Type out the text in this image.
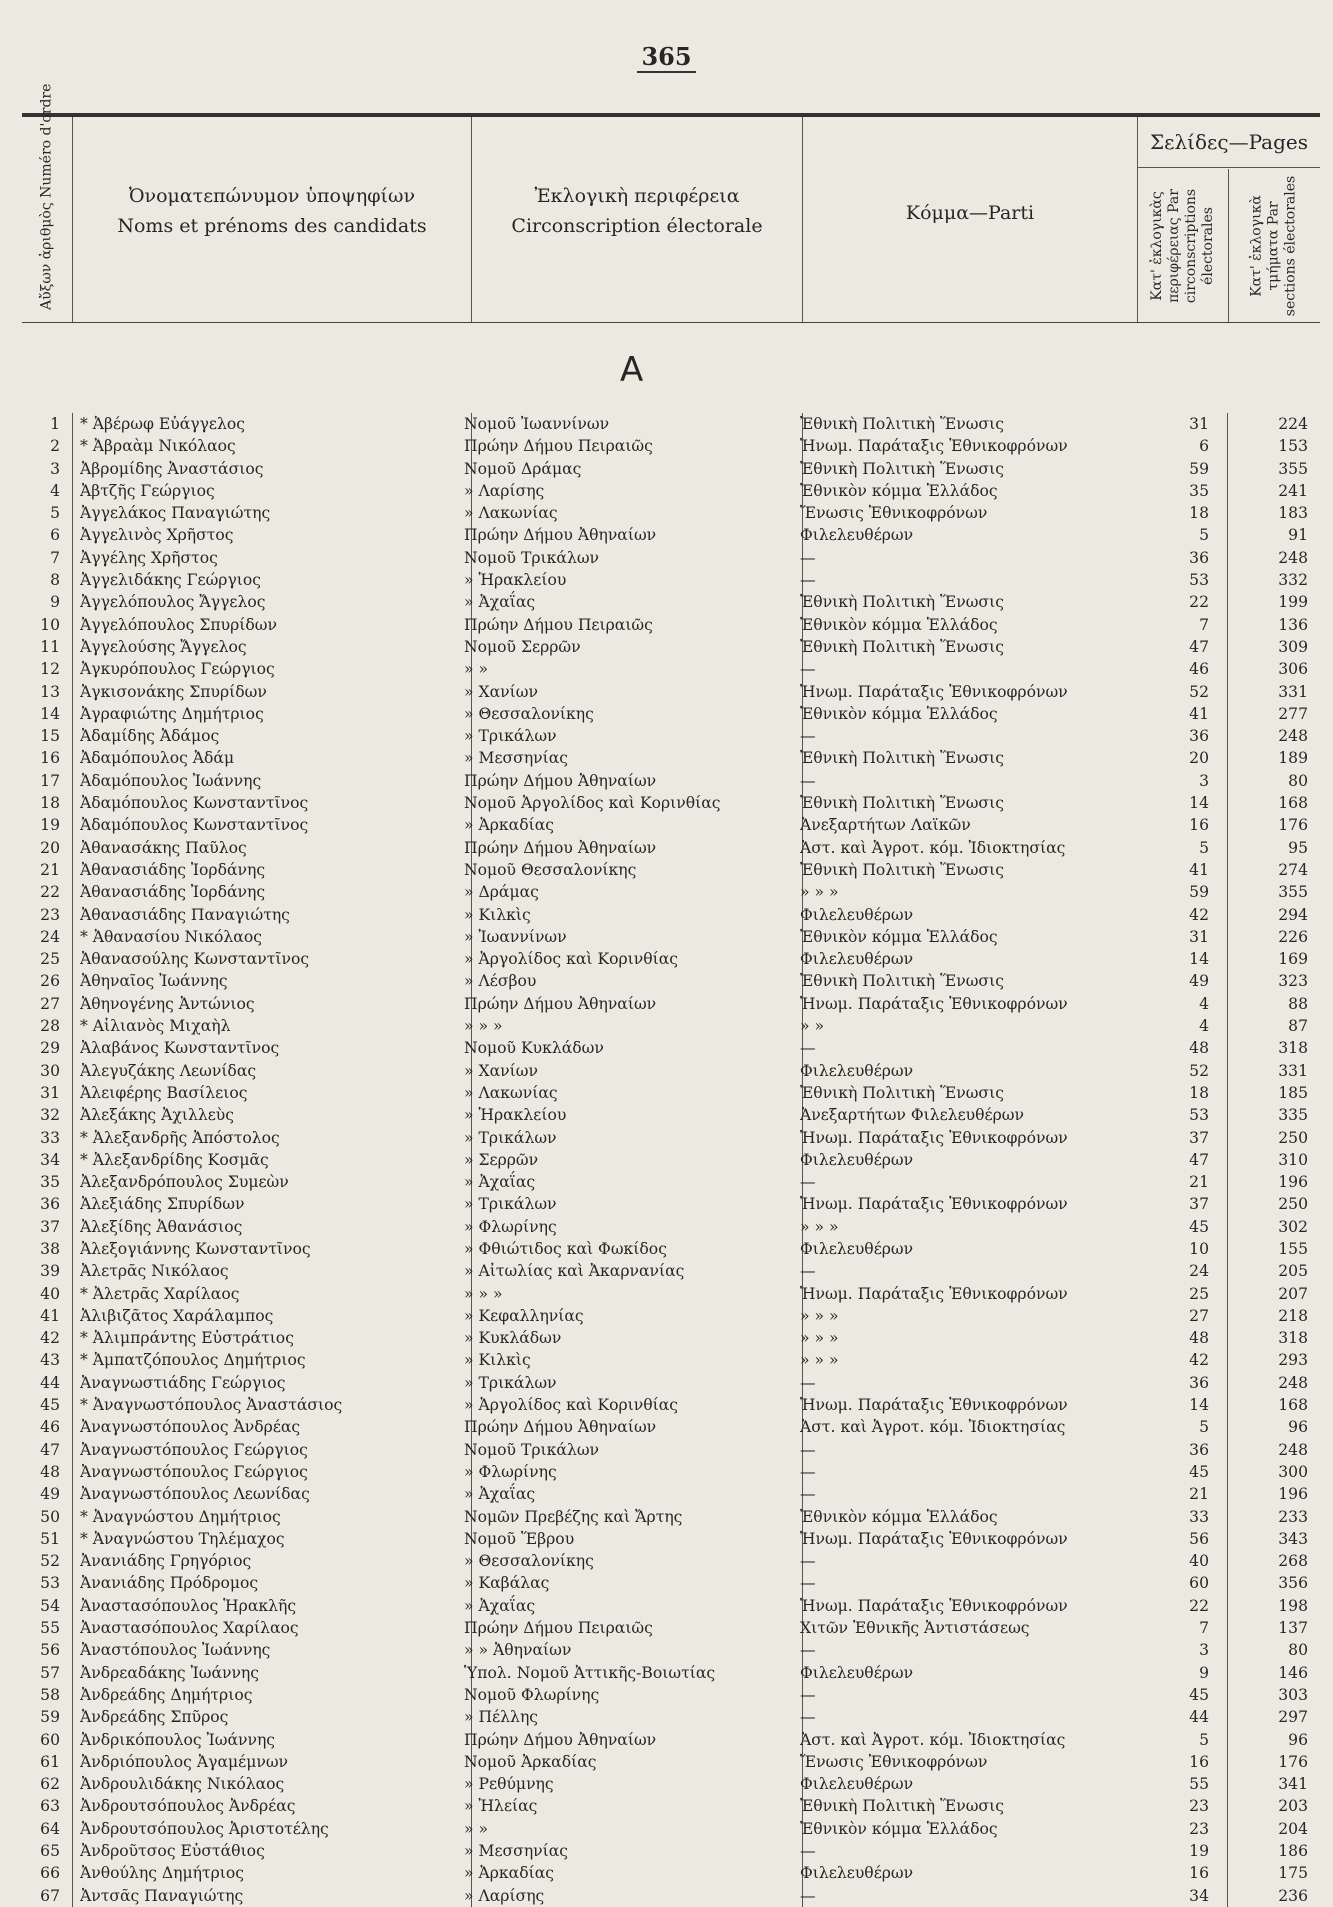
365
Αὔξων ἀριθμὸς Numéro d'ordre	Ὀνοματεπώνυμον ὑποψηφίων
Noms et prénoms des candidats
Ἐκλογικὴ περιφέρεια
Circonscription électorale
Κόμμα—Parti
Σελίδες—Pages
Κατ' ἐκλογικὰς περιφέρειας Par circonscriptions électorales Κατ' ἐκλογικὰ τμήματα Par sections électorales
A
1 * Ἀβέρωφ Εὐάγγελος	Νομοῦ Ἰωαννίνων	Ἐθνικὴ Πολιτικὴ Ἕνωσις	31	224
2 * Ἀβραὰμ Νικόλαος	Πρώην Δήμου Πειραιῶς	Ἡνωμ. Παράταξις Ἐθνικοφρόνων	6	153
3 Ἀβρομίδης Ἀναστάσιος	Νομοῦ Δράμας	Ἐθνικὴ Πολιτικὴ Ἕνωσις	59	355
4 Ἀβτζῆς Γεώργιος	» Λαρίσης	Ἐθνικὸν κόμμα Ἑλλάδος	35	241
5 Ἀγγελάκος Παναγιώτης	» Λακωνίας	Ἕνωσις Ἐθνικοφρόνων	18	183
6 Ἀγγελινὸς Χρῆστος	Πρώην Δήμου Ἀθηναίων	Φιλελευθέρων	5	91
7 Ἀγγέλης Χρῆστος	Νομοῦ Τρικάλων	—	36	248
8 Ἀγγελιδάκης Γεώργιος	» Ἡρακλείου	—	53	332
9 Ἀγγελόπουλος Ἄγγελος	» Ἀχαΐας	Ἐθνικὴ Πολιτικὴ Ἕνωσις	22	199
10 Ἀγγελόπουλος Σπυρίδων	Πρώην Δήμου Πειραιῶς	Ἐθνικὸν κόμμα Ἑλλάδος	7	136
11 Ἀγγελούσης Ἄγγελος	Νομοῦ Σερρῶν	Ἐθνικὴ Πολιτικὴ Ἕνωσις	47	309
12 Ἀγκυρόπουλος Γεώργιος	» »	—	46	306
13 Ἀγκισονάκης Σπυρίδων	» Χανίων	Ἡνωμ. Παράταξις Ἐθνικοφρόνων	52	331
14 Ἀγραφιώτης Δημήτριος	» Θεσσαλονίκης	Ἐθνικὸν κόμμα Ἑλλάδος	41	277
15 Ἀδαμίδης Ἀδάμος	» Τρικάλων	—	36	248
16 Ἀδαμόπουλος Ἀδάμ	» Μεσσηνίας	Ἐθνικὴ Πολιτικὴ Ἕνωσις	20	189
17 Ἀδαμόπουλος Ἰωάννης	Πρώην Δήμου Ἀθηναίων	—	3	80
18 Ἀδαμόπουλος Κωνσταντῖνος	Νομοῦ Ἀργολίδος καὶ Κορινθίας	Ἐθνικὴ Πολιτικὴ Ἕνωσις	14	168
19 Ἀδαμόπουλος Κωνσταντῖνος	» Ἀρκαδίας	Ἀνεξαρτήτων Λαϊκῶν	16	176
20 Ἀθανασάκης Παῦλος	Πρώην Δήμου Ἀθηναίων	Ἀστ. καὶ Ἀγροτ. κόμ. Ἰδιοκτησίας	5	95
21 Ἀθανασιάδης Ἰορδάνης	Νομοῦ Θεσσαλονίκης	Ἐθνικὴ Πολιτικὴ Ἕνωσις	41	274
22 Ἀθανασιάδης Ἰορδάνης	» Δράμας	» » »	59	355
23 Ἀθανασιάδης Παναγιώτης	» Κιλκὶς	Φιλελευθέρων	42	294
24 * Ἀθανασίου Νικόλαος	» Ἰωαννίνων	Ἐθνικὸν κόμμα Ἑλλάδος	31	226
25 Ἀθανασούλης Κωνσταντῖνος	» Ἀργολίδος καὶ Κορινθίας	Φιλελευθέρων	14	169
26 Ἀθηναῖος Ἰωάννης	» Λέσβου	Ἐθνικὴ Πολιτικὴ Ἕνωσις	49	323
27 Ἀθηνογένης Ἀντώνιος	Πρώην Δήμου Ἀθηναίων	Ἡνωμ. Παράταξις Ἐθνικοφρόνων	4	88
28 * Αἰλιανὸς Μιχαὴλ	» » »	» »	4	87
29 Ἀλαβάνος Κωνσταντῖνος	Νομοῦ Κυκλάδων	—	48	318
30 Ἀλεγυζάκης Λεωνίδας	» Χανίων	Φιλελευθέρων	52	331
31 Ἀλειφέρης Βασίλειος	» Λακωνίας	Ἐθνικὴ Πολιτικὴ Ἕνωσις	18	185
32 Ἀλεξάκης Ἀχιλλεὺς	» Ἡρακλείου	Ἀνεξαρτήτων Φιλελευθέρων	53	335
33 * Ἀλεξανδρῆς Ἀπόστολος	» Τρικάλων	Ἡνωμ. Παράταξις Ἐθνικοφρόνων	37	250
34 * Ἀλεξανδρίδης Κοσμᾶς	» Σερρῶν	Φιλελευθέρων	47	310
35 Ἀλεξανδρόπουλος Συμεὼν	» Ἀχαΐας	—	21	196
36 Ἀλεξιάδης Σπυρίδων	» Τρικάλων	Ἡνωμ. Παράταξις Ἐθνικοφρόνων	37	250
37 Ἀλεξίδης Ἀθανάσιος	» Φλωρίνης	» » »	45	302
38 Ἀλεξογιάννης Κωνσταντῖνος	» Φθιώτιδος καὶ Φωκίδος	Φιλελευθέρων	10	155
39 Ἀλετρᾶς Νικόλαος	» Αἰτωλίας καὶ Ἀκαρνανίας	—	24	205
40 * Ἀλετρᾶς Χαρίλαος	» » »	Ἡνωμ. Παράταξις Ἐθνικοφρόνων	25	207
41 Ἀλιβιζᾶτος Χαράλαμπος	» Κεφαλληνίας	» » »	27	218
42 * Ἀλιμπράντης Εὐστράτιος	» Κυκλάδων	» » »	48	318
43 * Ἀμπατζόπουλος Δημήτριος	» Κιλκὶς	» » »	42	293
44 Ἀναγνωστιάδης Γεώργιος	» Τρικάλων	—	36	248
45 * Ἀναγνωστόπουλος Ἀναστάσιος	» Ἀργολίδος καὶ Κορινθίας	Ἡνωμ. Παράταξις Ἐθνικοφρόνων	14	168
46 Ἀναγνωστόπουλος Ἀνδρέας	Πρώην Δήμου Ἀθηναίων	Ἀστ. καὶ Ἀγροτ. κόμ. Ἰδιοκτησίας	5	96
47 Ἀναγνωστόπουλος Γεώργιος	Νομοῦ Τρικάλων	—	36	248
48 Ἀναγνωστόπουλος Γεώργιος	» Φλωρίνης	—	45	300
49 Ἀναγνωστόπουλος Λεωνίδας	» Ἀχαΐας	—	21	196
50 * Ἀναγνώστου Δημήτριος	Νομῶν Πρεβέζης καὶ Ἄρτης	Ἐθνικὸν κόμμα Ἑλλάδος	33	233
51 * Ἀναγνώστου Τηλέμαχος	Νομοῦ Ἕβρου	Ἡνωμ. Παράταξις Ἐθνικοφρόνων	56	343
52 Ἀνανιάδης Γρηγόριος	» Θεσσαλονίκης	—	40	268
53 Ἀνανιάδης Πρόδρομος	» Καβάλας	—	60	356
54 Ἀναστασόπουλος Ἡρακλῆς	» Ἀχαΐας	Ἡνωμ. Παράταξις Ἐθνικοφρόνων	22	198
55 Ἀναστασόπουλος Χαρίλαος	Πρώην Δήμου Πειραιῶς	Χιτῶν Ἐθνικῆς Ἀντιστάσεως	7	137
56 Ἀναστόπουλος Ἰωάννης	» » Ἀθηναίων	—	3	80
57 Ἀνδρεαδάκης Ἰωάννης	Ὑπολ. Νομοῦ Ἀττικῆς-Βοιωτίας	Φιλελευθέρων	9	146
58 Ἀνδρεάδης Δημήτριος	Νομοῦ Φλωρίνης	—	45	303
59 Ἀνδρεάδης Σπῦρος	» Πέλλης	—	44	297
60 Ἀνδρικόπουλος Ἰωάννης	Πρώην Δήμου Ἀθηναίων	Ἀστ. καὶ Ἀγροτ. κόμ. Ἰδιοκτησίας	5	96
61 Ἀνδριόπουλος Ἀγαμέμνων	Νομοῦ Ἀρκαδίας	Ἕνωσις Ἐθνικοφρόνων	16	176
62 Ἀνδρουλιδάκης Νικόλαος	» Ρεθύμνης	Φιλελευθέρων	55	341
63 Ἀνδρουτσόπουλος Ἀνδρέας	» Ἠλείας	Ἐθνικὴ Πολιτικὴ Ἕνωσις	23	203
64 Ἀνδρουτσόπουλος Ἀριστοτέλης	» »	Ἐθνικὸν κόμμα Ἑλλάδος	23	204
65 Ἀνδροῦτσος Εὐστάθιος	» Μεσσηνίας	—	19	186
66 Ἀνθούλης Δημήτριος	» Ἀρκαδίας	Φιλελευθέρων	16	175
67 Ἀντσᾶς Παναγιώτης	» Λαρίσης	—	34	236
